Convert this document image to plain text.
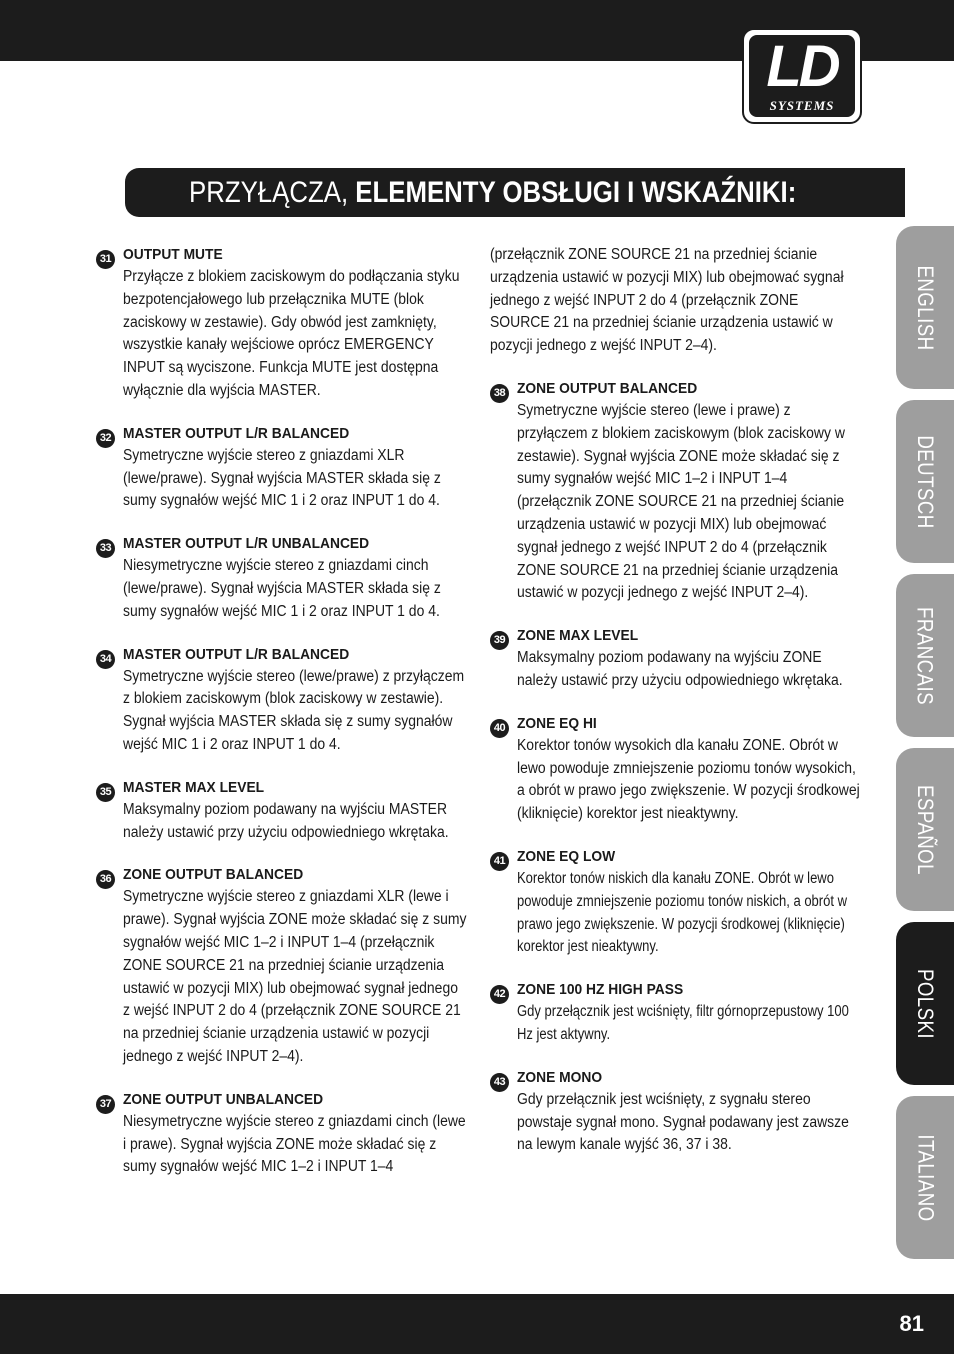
LD
SYSTEMS
PRZYŁĄCZA, ELEMENTY OBSŁUGI I WSKAŹNIKI:
31 OUTPUT MUTE
Przyłącze z blokiem zaciskowym do podłączania styku bezpotencjałowego lub przełącznika MUTE (blok zaciskowy w zestawie). Gdy obwód jest zamknięty, wszystkie kanały wejściowe oprócz EMERGENCY INPUT są wyciszone. Funkcja MUTE jest dostępna wyłącznie dla wyjścia MASTER.
32 MASTER OUTPUT L/R BALANCED
Symetryczne wyjście stereo z gniazdami XLR (lewe/prawe). Sygnał wyjścia MASTER składa się z sumy sygnałów wejść MIC 1 i 2 oraz INPUT 1 do 4.
33 MASTER OUTPUT L/R UNBALANCED
Niesymetryczne wyjście stereo z gniazdami cinch (lewe/prawe). Sygnał wyjścia MASTER składa się z sumy sygnałów wejść MIC 1 i 2 oraz INPUT 1 do 4.
34 MASTER OUTPUT L/R BALANCED
Symetryczne wyjście stereo (lewe/prawe) z przyłączem z blokiem zaciskowym (blok zaciskowy w zestawie). Sygnał wyjścia MASTER składa się z sumy sygnałów wejść MIC 1 i 2 oraz INPUT 1 do 4.
35 MASTER MAX LEVEL
Maksymalny poziom podawany na wyjściu MASTER należy ustawić przy użyciu odpowiedniego wkrętaka.
36 ZONE OUTPUT BALANCED
Symetryczne wyjście stereo z gniazdami XLR (lewe i prawe). Sygnał wyjścia ZONE może składać się z sumy sygnałów wejść MIC 1–2 i INPUT 1–4 (przełącznik ZONE SOURCE 21 na przedniej ścianie urządzenia ustawić w pozycji MIX) lub obejmować sygnał jednego z wejść INPUT 2 do 4 (przełącznik ZONE SOURCE 21 na przedniej ścianie urządzenia ustawić w pozycji jednego z wejść INPUT 2–4).
37 ZONE OUTPUT UNBALANCED
Niesymetryczne wyjście stereo z gniazdami cinch (lewe i prawe). Sygnał wyjścia ZONE może składać się z sumy sygnałów wejść MIC 1–2 i INPUT 1–4
(przełącznik ZONE SOURCE 21 na przedniej ścianie urządzenia ustawić w pozycji MIX) lub obejmować sygnał jednego z wejść INPUT 2 do 4 (przełącznik ZONE SOURCE 21 na przedniej ścianie urządzenia ustawić w pozycji jednego z wejść INPUT 2–4).
38 ZONE OUTPUT BALANCED
Symetryczne wyjście stereo (lewe i prawe) z przyłączem z blokiem zaciskowym (blok zaciskowy w zestawie). Sygnał wyjścia ZONE może składać się z sumy sygnałów wejść MIC 1–2 i INPUT 1–4 (przełącznik ZONE SOURCE 21 na przedniej ścianie urządzenia ustawić w pozycji MIX) lub obejmować sygnał jednego z wejść INPUT 2 do 4 (przełącznik ZONE SOURCE 21 na przedniej ścianie urządzenia ustawić w pozycji jednego z wejść INPUT 2–4).
39 ZONE MAX LEVEL
Maksymalny poziom podawany na wyjściu ZONE należy ustawić przy użyciu odpowiedniego wkrętaka.
40 ZONE EQ HI
Korektor tonów wysokich dla kanału ZONE. Obrót w lewo powoduje zmniejszenie poziomu tonów wysokich, a obrót w prawo jego zwiększenie. W pozycji środkowej (kliknięcie) korektor jest nieaktywny.
41 ZONE EQ LOW
Korektor tonów niskich dla kanału ZONE. Obrót w lewo powoduje zmniejszenie poziomu tonów niskich, a obrót w prawo jego zwiększenie. W pozycji środkowej (kliknięcie) korektor jest nieaktywny.
42 ZONE 100 HZ HIGH PASS
Gdy przełącznik jest wciśnięty, filtr górnoprzepustowy 100 Hz jest aktywny.
43 ZONE MONO
Gdy przełącznik jest wciśnięty, z sygnału stereo powstaje sygnał mono. Sygnał podawany jest zawsze na lewym kanale wyjść 36, 37 i 38.
ENGLISH
DEUTSCH
FRANCAIS
ESPAÑOL
POLSKI
ITALIANO
81
